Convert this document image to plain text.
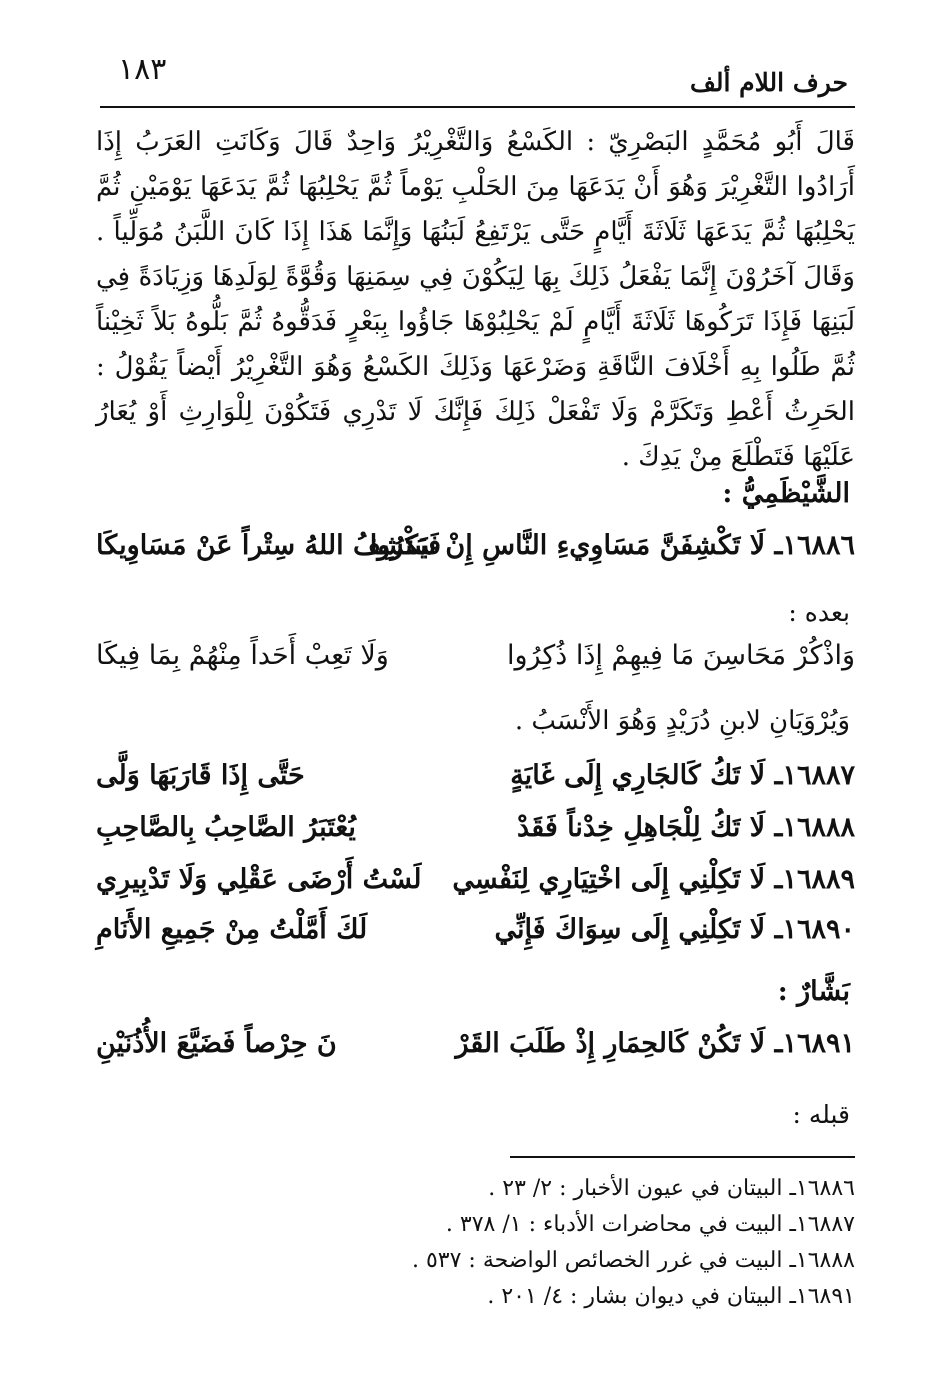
١٨٣	حرف اللام ألف
قَالَ أَبُو مُحَمَّدٍ البَصْرِيّ : الكَسْعُ وَالتَّغْرِيْرُ وَاحِدٌ قَالَ وَكَانَتِ العَرَبُ إِذَا أَرَادُوا التَّغْرِيْرَ وَهُوَ أَنْ يَدَعَهَا مِنَ الحَلْبِ يَوْماً ثُمَّ يَحْلِبُهَا ثُمَّ يَدَعَهَا يَوْمَيْنِ ثُمَّ يَحْلِبُهَا ثُمَّ يَدَعَهَا ثَلَاثَةَ أَيَّامٍ حَتَّى يَرْتَفِعُ لَبَنُهَا وَإِنَّمَا هَذَا إِذَا كَانَ اللَّبَنُ مُوَلِّياً . وَقَالَ آخَرُوْنَ إِنَّمَا يَفْعَلُ ذَلِكَ بِهَا لِيَكُوْنَ فِي سِمَنِهَا وَقُوَّةً لِوَلَدِهَا وَزِيَادَةً فِي لَبَنِهَا فَإِذَا تَرَكُوهَا ثَلَاثَةَ أَيَّامٍ لَمْ يَحْلِبُوْهَا جَاؤُوا بِبَعْرٍ فَدَقُّوهُ ثُمَّ بَلُّوهُ بَلاً ثَخِيْناً ثُمَّ طَلُوا بِهِ أَخْلَافَ النَّاقَةِ وَضَرْعَهَا وَذَلِكَ الكَسْعُ وَهُوَ التَّغْرِيْرُ أَيْضاً يَقُوْلُ : الحَرِثُ أَعْطِ وَتَكَرَّمْ وَلَا تَفْعَلْ ذَلِكَ فَإِنَّكَ لَا تَدْرِي فَتَكُوْنَ لِلْوَارِثِ أَوْ يُعَارُ عَلَيْهَا فَتَطْلَعَ مِنْ يَدِكَ .
الشَّيْظَمِيُّ :
١٦٨٨٦ـ لَا تَكْشِفَنَّ مَسَاوِيءِ النَّاسِ إِنْ سَتَرُوا
فَيَكْشِفُ اللهُ سِتْراً عَنْ مَسَاوِيكَا
بعده :
وَاذْكُرْ مَحَاسِنَ مَا فِيهِمْ إِذَا ذُكِرُوا
وَلَا تَعِبْ أَحَداً مِنْهُمْ بِمَا فِيكَا
وَيُرْوَيَانِ لابنِ دُرَيْدٍ وَهُوَ الأَنْسَبُ .
١٦٨٨٧ـ لَا تَكُ كَالجَارِي إِلَى غَايَةٍ
حَتَّى إِذَا قَارَبَهَا وَلَّى
١٦٨٨٨ـ لَا تَكُ لِلْجَاهِلِ خِدْناً فَقَدْ
يُعْتَبَرُ الصَّاحِبُ بِالصَّاحِبِ
١٦٨٨٩ـ لَا تَكِلْنِي إِلَى اخْتِيَارِي لِنَفْسِي
لَسْتُ أَرْضَى عَقْلِي وَلَا تَدْبِيرِي
١٦٨٩٠ـ لَا تَكِلْنِي إِلَى سِوَاكَ فَإِنِّي
لَكَ أَمَّلْتُ مِنْ جَمِيعِ الأَنَامِ
بَشَّارٌ :
١٦٨٩١ـ لَا تَكُنْ كَالحِمَارِ إِذْ طَلَبَ القَرْ
نَ حِرْصاً فَضَيَّعَ الأُذُنَيْنِ
قبله :
١٦٨٨٦ـ البيتان في عيون الأخبار : ٢/ ٢٣ .
١٦٨٨٧ـ البيت في محاضرات الأدباء : ١/ ٣٧٨ .
١٦٨٨٨ـ البيت في غرر الخصائص الواضحة : ٥٣٧ .
١٦٨٩١ـ البيتان في ديوان بشار : ٤/ ٢٠١ .
